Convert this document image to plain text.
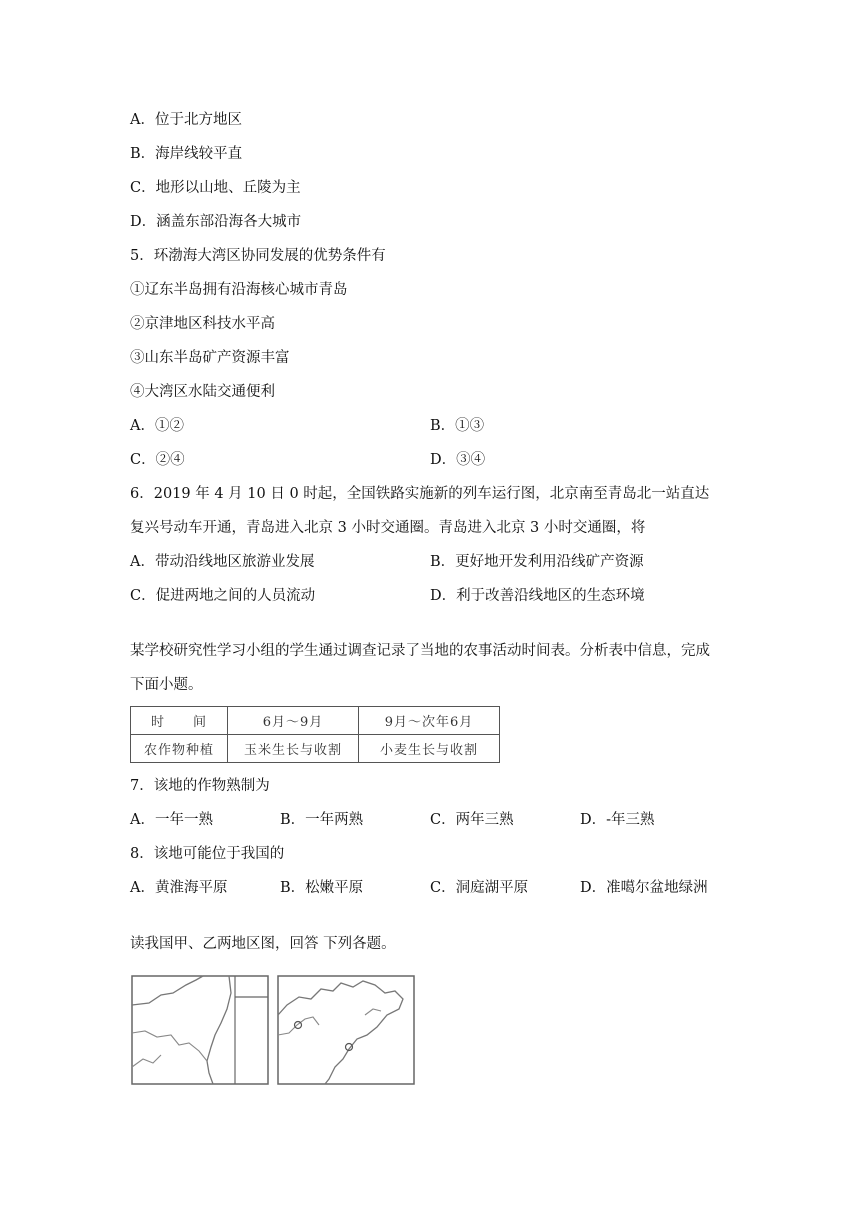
A．位于北方地区
B．海岸线较平直
C．地形以山地、丘陵为主
D．涵盖东部沿海各大城市
5．环渤海大湾区协同发展的优势条件有
①辽东半岛拥有沿海核心城市青岛
②京津地区科技水平高
③山东半岛矿产资源丰富
④大湾区水陆交通便利
A．①②	B．①③
C．②④	D．③④
6．2019 年 4 月 10 日 0 时起，全国铁路实施新的列车运行图，北京南至青岛北一站直达
复兴号动车开通，青岛进入北京 3 小时交通圈。青岛进入北京 3 小时交通圈，将
A．带动沿线地区旅游业发展	B．更好地开发利用沿线矿产资源
C．促进两地之间的人员流动	D．利于改善沿线地区的生态环境
某学校研究性学习小组的学生通过调查记录了当地的农事活动时间表。分析表中信息，完成
下面小题。
时　　间	6月～9月	9月～次年6月
农作物种植	玉米生长与收割	小麦生长与收割
7．该地的作物熟制为
A．一年一熟	B．一年两熟	C．两年三熟	D．-年三熟
8．该地可能位于我国的
A．黄淮海平原	B．松嫩平原	C．洞庭湖平原	D．准噶尔盆地绿洲
读我国甲、乙两地区图，回答 下列各题。
